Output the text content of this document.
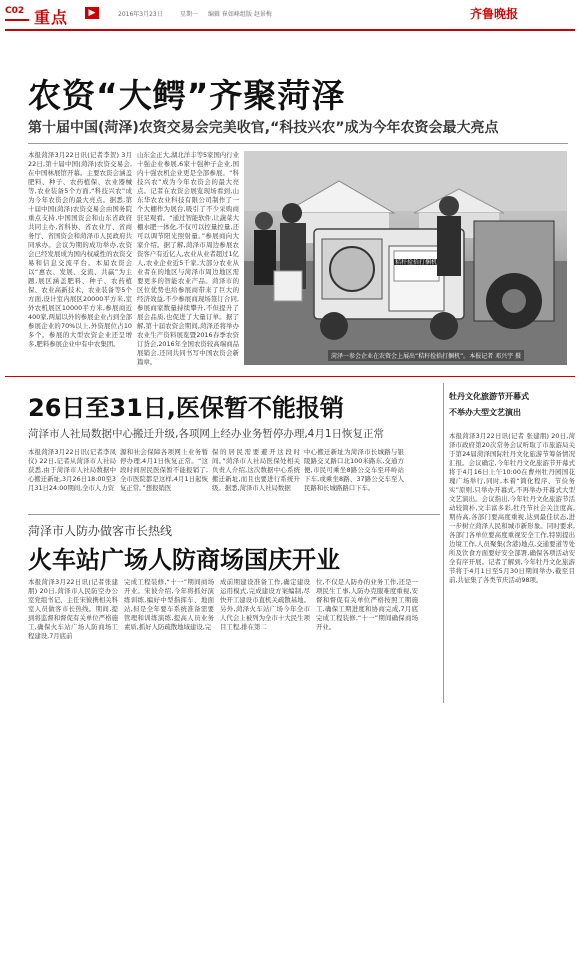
C02 重点	▶	2016年3月23日	星期一 编辑 崔如峰 组版 赵景梅	齐鲁晚报
农资“大鳄”齐聚菏泽
第十届中国(菏泽)农资交易会完美收官,“科技兴农”成为今年农资会最大亮点
本报菏泽3月22日讯(记者李贺) 3月22日,第十届中国(菏泽)农资交易会,在中国林展馆开幕。主要农资会涵盖肥料、种子、农药植保、农业器械等,农业装备5个方面,“科技兴农”成为今年农资会的最大亮点。据悉,第十届中国(菏泽)农资交易会由国务院重点支持,中国国资会和山东省政府共同主办,省科协、省农业厅、省商务厅、省国资会和菏泽市人民政府共同承办。会议为期的成功举办,农资会已经发展成为国内权威性的农资交易和信息交流平台。本届农资会以“惠农、发展、交流、共赢”为主题,展区涵盖肥料、种子、农药植保、农业高新技术、农业装备等5个方面,设计室内展区20000平方米,室外农机展区10000平方米,参展商近400家,两届以外的参展企业占到全部参展企业的70%以上,外资展位占10多个。参展的大型农资企业还呈增多,肥料参展企业中有中农集团。
山东金正大,湖北洋丰等5家国内行业十强企业参展,6家十强种子企业,国内十强农机企业更是全部参展。“科技兴农”成为今年农资会的最大亮点。记者在农资会展览现场看到,山东华农农业科技有限公司制作了一个大棚作为展台,吸引了不少采购商驻足观看。“通过智能软件,让蔬菜大棚水肥一体化,不仅可以控量控量,还可以调节阳光照射量。”参展商向大家介绍。据了解,菏泽市周边参展农资客户有近亿人,农业从业者超过1亿人,农业企业近5千家,大部分农业从业者在的地区与菏泽市周边地区需要更多的智能农业产品。菏泽市的区位优势也给参展商带来了巨大的经济效益,不少参展商现场签订合同,参展商家数量持续攀升,不但提升了展会品质,也促进了大量订单。据了解,第十届农资会期间,菏泽还将举办农业生产资料展览暨2016春季农资订货会,2016年全国农资较高端商品展销会,还同共同书写中国农资会新篇章。
秸秆捡拾打捆机
菏泽一参会企业在农资会上展出“秸秆捡拾打捆机”。本报记者 邓兴宇 摄
26日至31日,医保暂不能报销
菏泽市人社局数据中心搬迁升级,各项网上经办业务暂停办理,4月1日恢复正常
本报菏泽3月22日讯(记者李凤仪) 22日,记者从菏泽市人社局获悉,由于菏泽市人社局数据中心搬迁新址,3月26日18:00至3月31日24:00期间,全市人力资
源和社会保障各项网上业务暂停办理,4月1日恢复正常。“这段时间居民医保暂不能报销了,全市医院都是这样,4月1日起恢复正常。”想报销医
保的居民需要避开这段时间。”菏泽市人社局医保处相关负责人介绍,这次数据中心系统搬迁新址,而且也要进行系统升级。据悉,菏泽市人社局数据
中心搬迁新址为菏泽市长城路与银陵路交叉路口北100米路东,交通方便,市民可乘坐8路公交车至环岭站下车,或乘坐8路、37路公交车至人民路和长城路路口下车。
菏泽市人防办做客市长热线
火车站广场人防商场国庆开业
本报菏泽3月22日讯(记者张建朋) 20日,菏泽市人民防空办公室党组书记、主任宋彼携相关科室人员做客市长热线。期间,提到将监督和督促有关单位严格施工,确保火车站广场人防商场工程建设,7月底前
完成工程装修,“十一”期间商场开业。宋彼介绍,今年将抓好演练训练,编好中型指挥车、地面站,但是全年要车系统准备需要管理和训练演练,提高人员业务素质,抓好人防疏散地域建设,完
成前期建设准备工作,确定建设运用模式,完成建设方案编制,尽快开工建设市直机关疏散基地。另外,菏泽火车站广场今年全市人代会上被列为全市十大民生项目工程,排在第二
位,不仅是人防办的业务工作,还是一项民生工事,人防办克服难度重视,安督和督促有关单位严格按照工期施工,确保工期进度和协商完成,7月底完成工程装修,“十一”期间确保商场开业。
牡丹文化旅游节开幕式
不举办大型文艺演出
本报菏泽3月22日讯(记者 张建朋) 20日,菏泽市政府第20次常务会议听取了市旅游局关于第24届菏泽国际牡丹文化旅游节筹备情况汇报。会议确定,今年牡丹文化旅游节开幕式将于4月16日上午10:00在曹州牡丹园国花瑰广场举行,同时,本着“简化程序、节俭务实”原则,只举办开幕式,不再举办开幕式大型文艺演出。会议指出,今年牡丹文化旅游节活动较简朴,文丰富多彩,牡丹节社会关注度高,期待高,各部门要高度重视,达到最佳状态,进一步树立菏泽人民和城市新形象。同时要求,各部门各单位要高度重视安全工作,特别提出边境工作,人员聚集(含港)地点,交通要道等处所及饮食方面要好安全部署,确保各项活动安全有序开展。记者了解到,今年牡丹文化旅游节将于4月1日至5月30日期间举办,截至目前,共征集了各类节庆活动98项。
